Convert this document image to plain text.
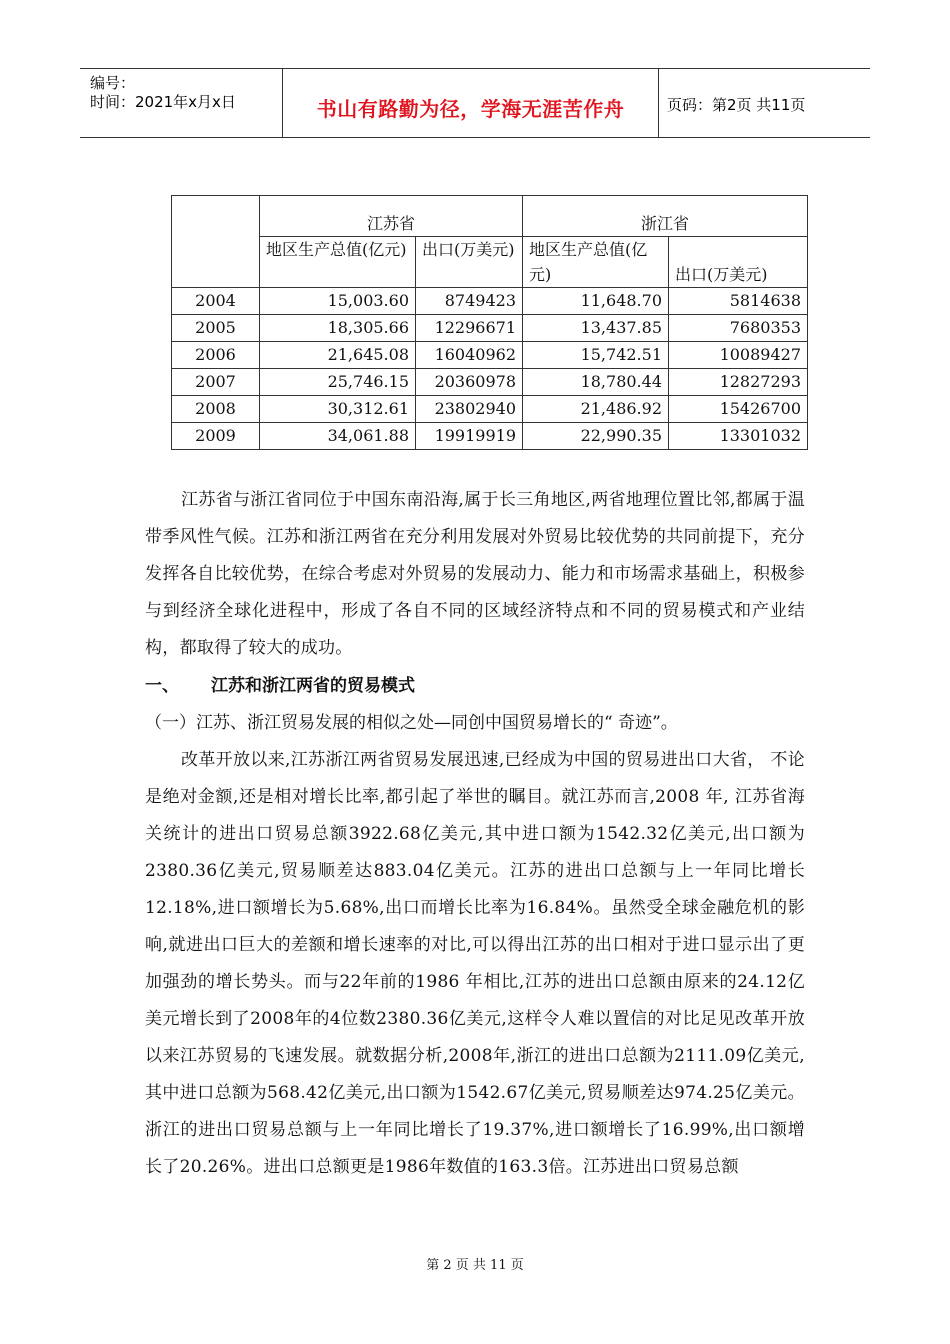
编号：
时间：2021年x月x日	书山有路勤为径，学海无涯苦作舟	页码：第2页 共11页
	江苏省		浙江省	
	地区生产总值(亿元)	出口(万美元)	地区生产总值(亿元)	出口(万美元)
2004	15,003.60	8749423	11,648.70	5814638
2005	18,305.66	12296671	13,437.85	7680353
2006	21,645.08	16040962	15,742.51	10089427
2007	25,746.15	20360978	18,780.44	12827293
2008	30,312.61	23802940	21,486.92	15426700
2009	34,061.88	19919919	22,990.35	13301032
江苏省与浙江省同位于中国东南沿海,属于长三角地区,两省地理位置比邻,都属于温带季风性气候。江苏和浙江两省在充分利用发展对外贸易比较优势的共同前提下，充分发挥各自比较优势，在综合考虑对外贸易的发展动力、能力和市场需求基础上，积极参与到经济全球化进程中，形成了各自不同的区域经济特点和不同的贸易模式和产业结构，都取得了较大的成功。
一、 江苏和浙江两省的贸易模式
（一）江苏、浙江贸易发展的相似之处—同创中国贸易增长的“ 奇迹”。
改革开放以来,江苏浙江两省贸易发展迅速,已经成为中国的贸易进出口大省， 不论是绝对金额,还是相对增长比率,都引起了举世的瞩目。就江苏而言,2008 年, 江苏省海关统计的进出口贸易总额3922.68亿美元,其中进口额为1542.32亿美元,出口额为2380.36亿美元,贸易顺差达883.04亿美元。江苏的进出口总额与上一年同比增长12.18%,进口额增长为5.68%,出口而增长比率为16.84%。虽然受全球金融危机的影响,就进出口巨大的差额和增长速率的对比,可以得出江苏的出口相对于进口显示出了更加强劲的增长势头。而与22年前的1986 年相比,江苏的进出口总额由原来的24.12亿美元增长到了2008年的4位数2380.36亿美元,这样令人难以置信的对比足见改革开放以来江苏贸易的飞速发展。就数据分析,2008年,浙江的进出口总额为2111.09亿美元,其中进口总额为568.42亿美元,出口额为1542.67亿美元,贸易顺差达974.25亿美元。浙江的进出口贸易总额与上一年同比增长了19.37%,进口额增长了16.99%,出口额增长了20.26%。进出口总额更是1986年数值的163.3倍。江苏进出口贸易总额
第 2 页 共 11 页
